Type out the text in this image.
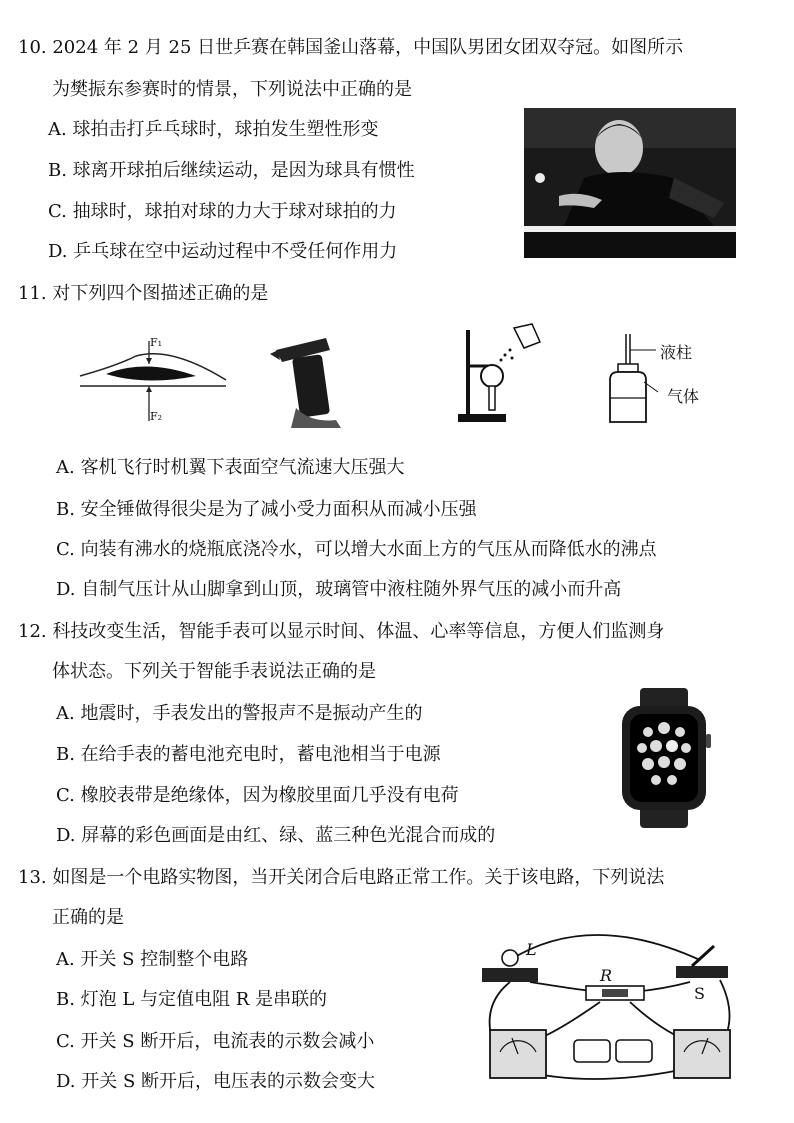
10. 2024 年 2 月 25 日世乒赛在韩国釜山落幕，中国队男团女团双夺冠。如图所示
为樊振东参赛时的情景，下列说法中正确的是
A. 球拍击打乒乓球时，球拍发生塑性形变
B. 球离开球拍后继续运动，是因为球具有惯性
C. 抽球时，球拍对球的力大于球对球拍的力
D. 乒乓球在空中运动过程中不受任何作用力
11. 对下列四个图描述正确的是
F₁
F₂
液柱
气体
A. 客机飞行时机翼下表面空气流速大压强大
B. 安全锤做得很尖是为了减小受力面积从而减小压强
C. 向装有沸水的烧瓶底浇冷水，可以增大水面上方的气压从而降低水的沸点
D. 自制气压计从山脚拿到山顶，玻璃管中液柱随外界气压的减小而升高
12. 科技改变生活，智能手表可以显示时间、体温、心率等信息，方便人们监测身
体状态。下列关于智能手表说法正确的是
A. 地震时，手表发出的警报声不是振动产生的
B. 在给手表的蓄电池充电时，蓄电池相当于电源
C. 橡胶表带是绝缘体，因为橡胶里面几乎没有电荷
D. 屏幕的彩色画面是由红、绿、蓝三种色光混合而成的
13. 如图是一个电路实物图，当开关闭合后电路正常工作。关于该电路，下列说法
正确的是
A. 开关 S 控制整个电路
B. 灯泡 L 与定值电阻 R 是串联的
C. 开关 S 断开后，电流表的示数会减小
D. 开关 S 断开后，电压表的示数会变大
L
R
S
